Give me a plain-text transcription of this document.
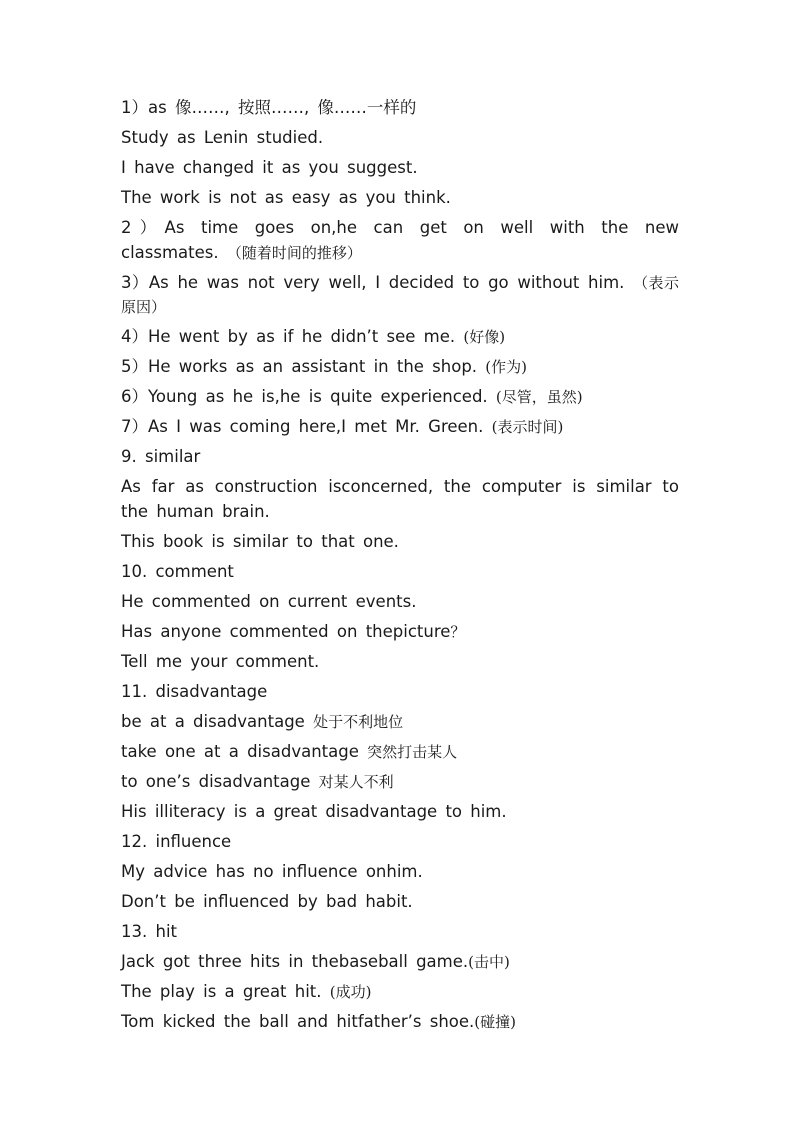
1）as 像……, 按照……, 像……一样的
Study as Lenin studied.
I have changed it as you suggest.
The work is not as easy as you think.
2）As time goes on,he can get on well with the new classmates. （随着时间的推移）
3）As he was not very well, I decided to go without him. （表示原因）
4）He went by as if he didn’t see me. (好像)
5）He works as an assistant in the shop. (作为)
6）Young as he is,he is quite experienced. (尽管，虽然)
7）As I was coming here,I met Mr. Green. (表示时间)
9. similar
As far as construction isconcerned, the computer is similar to the human brain.
This book is similar to that one.
10. comment
He commented on current events.
Has anyone commented on thepicture？
Tell me your comment.
11. disadvantage
be at a disadvantage 处于不利地位
take one at a disadvantage 突然打击某人
to one’s disadvantage 对某人不利
His illiteracy is a great disadvantage to him.
12. influence
My advice has no influence onhim.
Don’t be influenced by bad habit.
13. hit
Jack got three hits in thebaseball game.(击中)
The play is a great hit. (成功)
Tom kicked the ball and hitfather’s shoe.(碰撞)
